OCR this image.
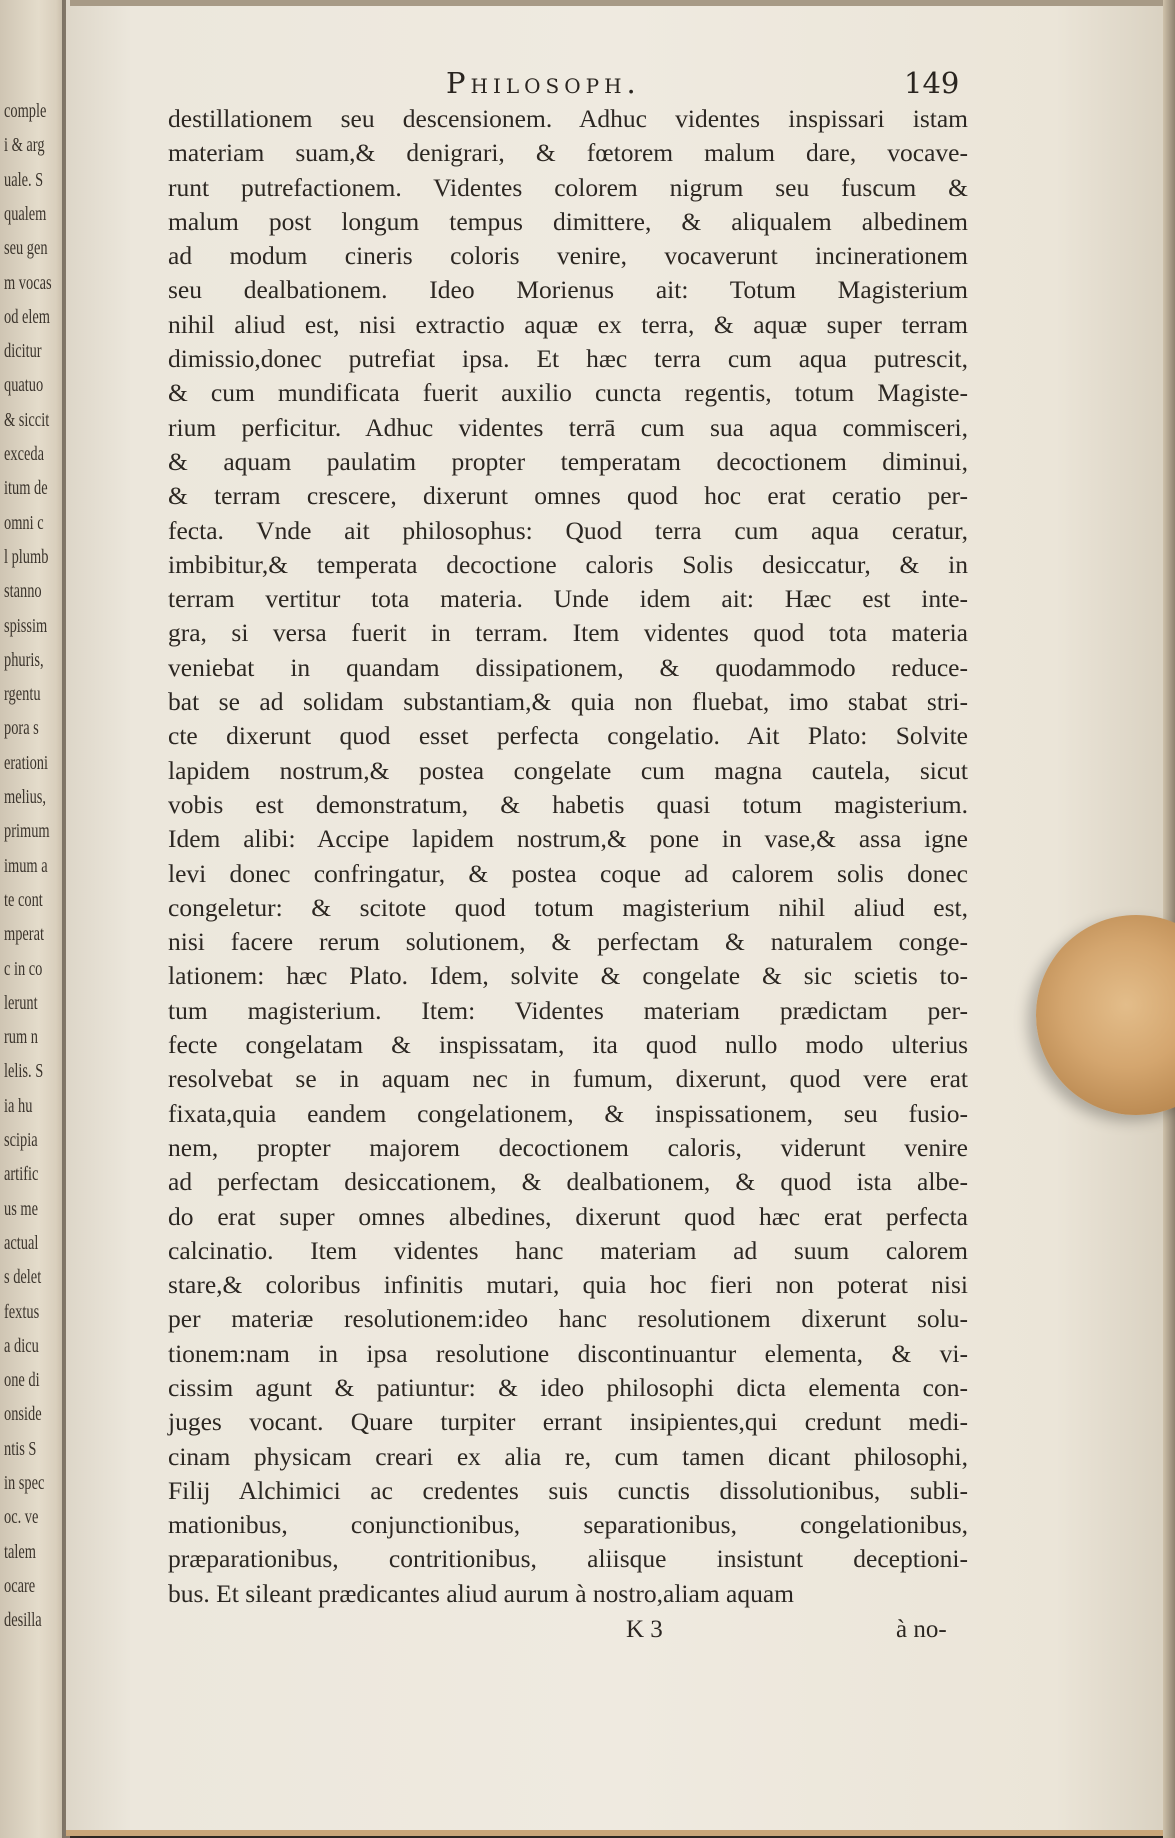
comple
i & arg
uale. S
qualem
seu gen
m vocas
od elem
dicitur
quatuo
& siccit
exceda
itum de
omni c
l plumb
stanno
spissim
phuris,
rgentu
pora s
erationi
melius,
primum
imum a
te cont
mperat
c in co
lerunt
rum n
lelis. S
ia hu
scipia
artific
us me
actual
s delet
fextus
a dicu
one di
onside
ntis S
in spec
oc. ve
talem
ocare
desilla
Philosoph.	149
destillationem seu descensionem. Adhuc videntes inspissari istam
materiam suam,& denigrari, & fœtorem malum dare, vocave-
runt putrefactionem. Videntes colorem nigrum seu fuscum &
malum post longum tempus dimittere, & aliqualem albedinem
ad modum cineris coloris venire, vocaverunt incinerationem
seu dealbationem. Ideo Morienus ait: Totum Magisterium
nihil aliud est, nisi extractio aquæ ex terra, & aquæ super terram
dimissio,donec putrefiat ipsa. Et hæc terra cum aqua putrescit,
& cum mundificata fuerit auxilio cuncta regentis, totum Magiste-
rium perficitur. Adhuc videntes terrā cum sua aqua commisceri,
& aquam paulatim propter temperatam decoctionem diminui,
& terram crescere, dixerunt omnes quod hoc erat ceratio per-
fecta. Vnde ait philosophus: Quod terra cum aqua ceratur,
imbibitur,& temperata decoctione caloris Solis desiccatur, & in
terram vertitur tota materia. Unde idem ait: Hæc est inte-
gra, si versa fuerit in terram. Item videntes quod tota materia
veniebat in quandam dissipationem, & quodammodo reduce-
bat se ad solidam substantiam,& quia non fluebat, imo stabat stri-
cte dixerunt quod esset perfecta congelatio. Ait Plato: Solvite
lapidem nostrum,& postea congelate cum magna cautela, sicut
vobis est demonstratum, & habetis quasi totum magisterium.
Idem alibi: Accipe lapidem nostrum,& pone in vase,& assa igne
levi donec confringatur, & postea coque ad calorem solis donec
congeletur: & scitote quod totum magisterium nihil aliud est,
nisi facere rerum solutionem, & perfectam & naturalem conge-
lationem: hæc Plato. Idem, solvite & congelate & sic scietis to-
tum magisterium. Item: Videntes materiam prædictam per-
fecte congelatam & inspissatam, ita quod nullo modo ulterius
resolvebat se in aquam nec in fumum, dixerunt, quod vere erat
fixata,quia eandem congelationem, & inspissationem, seu fusio-
nem, propter majorem decoctionem caloris, viderunt venire
ad perfectam desiccationem, & dealbationem, & quod ista albe-
do erat super omnes albedines, dixerunt quod hæc erat perfecta
calcinatio. Item videntes hanc materiam ad suum calorem
stare,& coloribus infinitis mutari, quia hoc fieri non poterat nisi
per materiæ resolutionem:ideo hanc resolutionem dixerunt solu-
tionem:nam in ipsa resolutione discontinuantur elementa, & vi-
cissim agunt & patiuntur: & ideo philosophi dicta elementa con-
juges vocant. Quare turpiter errant insipientes,qui credunt medi-
cinam physicam creari ex alia re, cum tamen dicant philosophi,
Filij Alchimici ac credentes suis cunctis dissolutionibus, subli-
mationibus, conjunctionibus, separationibus, congelationibus,
præparationibus, contritionibus, aliisque insistunt deceptioni-
bus. Et sileant prædicantes aliud aurum à nostro,aliam aquam
K 3	à no-
